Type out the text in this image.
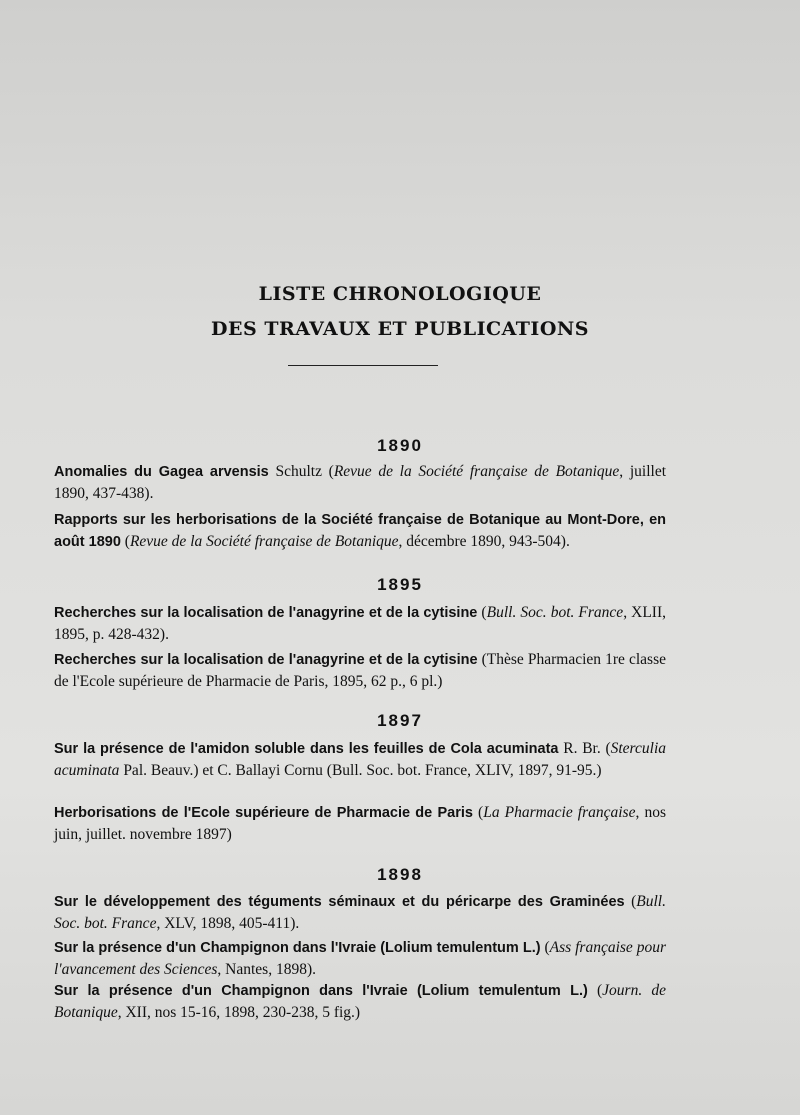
LISTE CHRONOLOGIQUE
DES TRAVAUX ET PUBLICATIONS
1890
Anomalies du Gagea arvensis Schultz (Revue de la Société française de Botanique, juillet 1890, 437-438).
Rapports sur les herborisations de la Société française de Botanique au Mont-Dore, en août 1890 (Revue de la Société française de Botanique, décembre 1890, 943-504).
1895
Recherches sur la localisation de l'anagyrine et de la cytisine (Bull. Soc. bot. France, XLII, 1895, p. 428-432).
Recherches sur la localisation de l'anagyrine et de la cytisine (Thèse Pharmacien 1re classe de l'Ecole supérieure de Pharmacie de Paris, 1895, 62 p., 6 pl.)
1897
Sur la présence de l'amidon soluble dans les feuilles de Cola acuminata R. Br. (Sterculia acuminata Pal. Beauv.) et C. Ballayi Cornu (Bull. Soc. bot. France, XLIV, 1897, 91-95.)
Herborisations de l'Ecole supérieure de Pharmacie de Paris (La Pharmacie française, nos juin, juillet. novembre 1897)
1898
Sur le développement des téguments séminaux et du péricarpe des Graminées (Bull. Soc. bot. France, XLV, 1898, 405-411).
Sur la présence d'un Champignon dans l'Ivraie (Lolium temulentum L.) (Ass française pour l'avancement des Sciences, Nantes, 1898).
Sur la présence d'un Champignon dans l'Ivraie (Lolium temulentum L.) (Journ. de Botanique, XII, nos 15-16, 1898, 230-238, 5 fig.)
